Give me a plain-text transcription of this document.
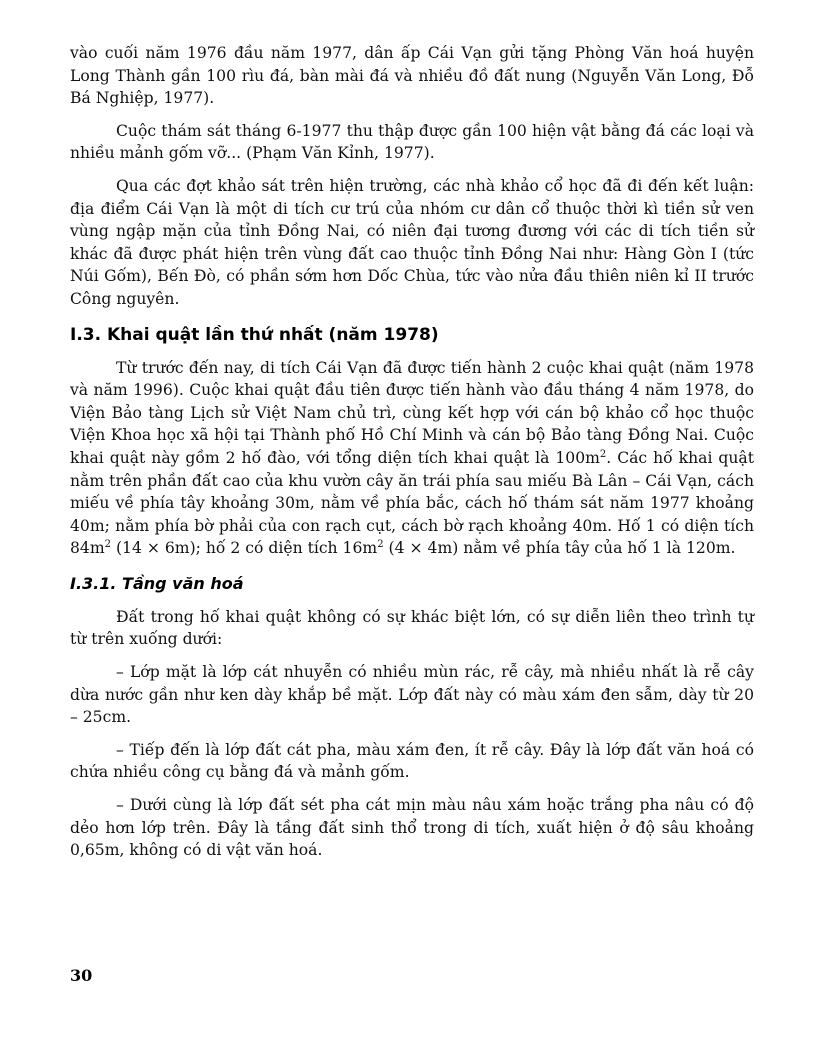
vào cuối năm 1976 đầu năm 1977, dân ấp Cái Vạn gửi tặng Phòng Văn hoá huyện Long Thành gần 100 rìu đá, bàn mài đá và nhiều đồ đất nung (Nguyễn Văn Long, Đỗ Bá Nghiệp, 1977).

Cuộc thám sát tháng 6-1977 thu thập được gần 100 hiện vật bằng đá các loại và nhiều mảnh gốm vỡ... (Phạm Văn Kỉnh, 1977).

Qua các đợt khảo sát trên hiện trường, các nhà khảo cổ học đã đi đến kết luận: địa điểm Cái Vạn là một di tích cư trú của nhóm cư dân cổ thuộc thời kì tiền sử ven vùng ngập mặn của tỉnh Đồng Nai, có niên đại tương đương với các di tích tiền sử khác đã được phát hiện trên vùng đất cao thuộc tỉnh Đồng Nai như: Hàng Gòn I (tức Núi Gốm), Bến Đò, có phần sớm hơn Dốc Chùa, tức vào nửa đầu thiên niên kỉ II trước Công nguyên.

I.3. Khai quật lần thứ nhất (năm 1978)

Từ trước đến nay, di tích Cái Vạn đã được tiến hành 2 cuộc khai quật (năm 1978 và năm 1996). Cuộc khai quật đầu tiên được tiến hành vào đầu tháng 4 năm 1978, do Viện Bảo tàng Lịch sử Việt Nam chủ trì, cùng kết hợp với cán bộ khảo cổ học thuộc Viện Khoa học xã hội tại Thành phố Hồ Chí Minh và cán bộ Bảo tàng Đồng Nai. Cuộc khai quật này gồm 2 hố đào, với tổng diện tích khai quật là $100m^2$. Các hố khai quật nằm trên phần đất cao của khu vườn cây ăn trái phía sau miếu Bà Lân – Cái Vạn, cách miếu về phía tây khoảng 30m, nằm về phía bắc, cách hố thám sát năm 1977 khoảng 40m; nằm phía bờ phải của con rạch cụt, cách bờ rạch khoảng 40m. Hố 1 có diện tích $84m^2$ (14 × 6m); hố 2 có diện tích $16m^2$ (4 × 4m) nằm về phía tây của hố 1 là 120m.

I.3.1. Tầng văn hoá

Đất trong hố khai quật không có sự khác biệt lớn, có sự diễn liên theo trình tự từ trên xuống dưới:

– Lớp mặt là lớp cát nhuyễn có nhiều mùn rác, rễ cây, mà nhiều nhất là rễ cây dừa nước gần như ken dày khắp bề mặt. Lớp đất này có màu xám đen sẫm, dày từ 20 – 25cm.

– Tiếp đến là lớp đất cát pha, màu xám đen, ít rễ cây. Đây là lớp đất văn hoá có chứa nhiều công cụ bằng đá và mảnh gốm.

– Dưới cùng là lớp đất sét pha cát mịn màu nâu xám hoặc trắng pha nâu có độ dẻo hơn lớp trên. Đây là tầng đất sinh thổ trong di tích, xuất hiện ở độ sâu khoảng 0,65m, không có di vật văn hoá.

30
